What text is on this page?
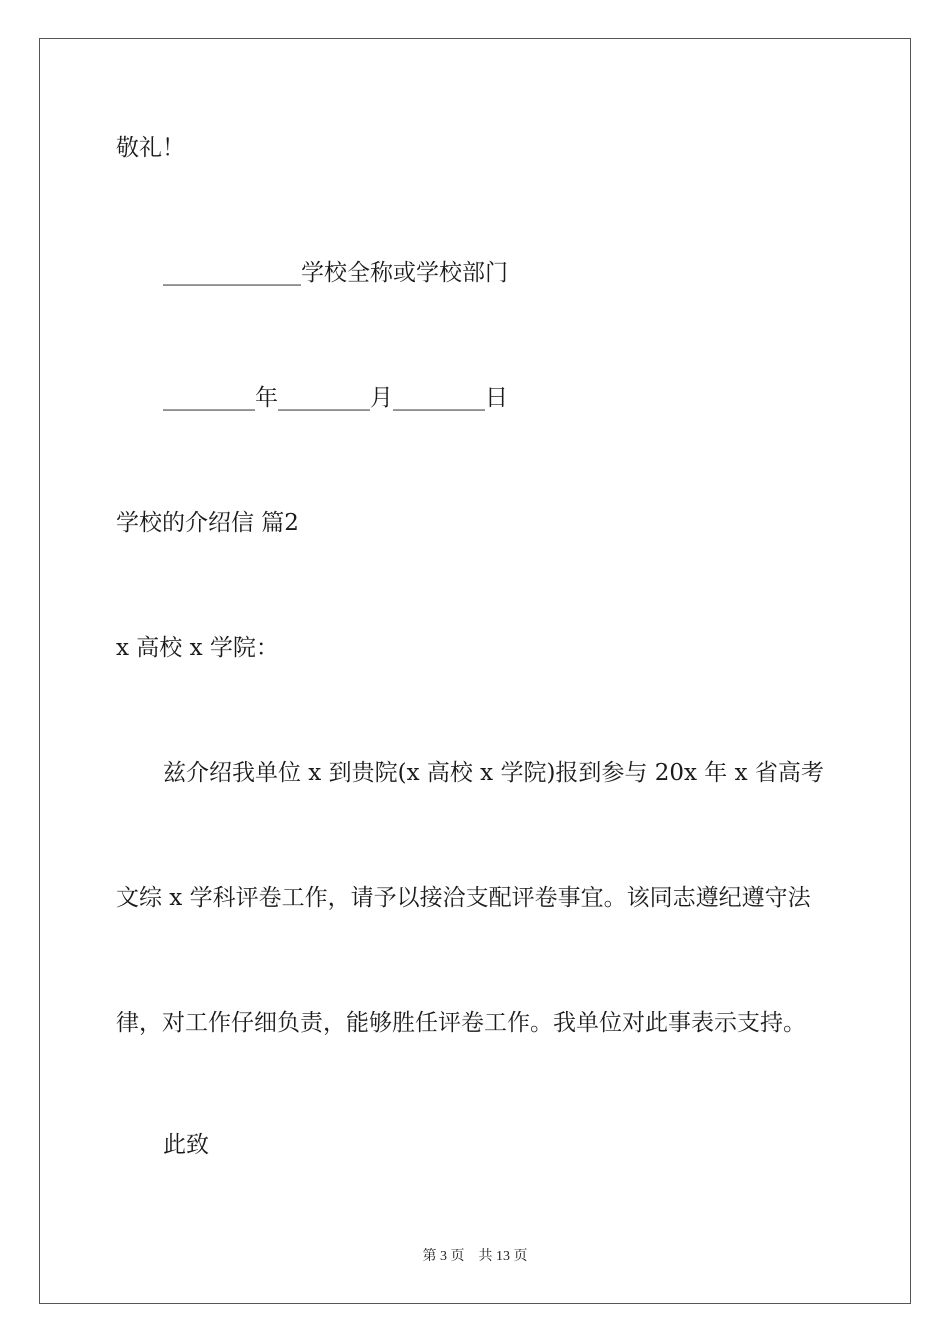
敬礼！
____________学校全称或学校部门
________年________月________日
学校的介绍信 篇2
x 高校 x 学院：
兹介绍我单位 x 到贵院(x 高校 x 学院)报到参与 20x 年 x 省高考
文综 x 学科评卷工作，请予以接洽支配评卷事宜。该同志遵纪遵守法
律，对工作仔细负责，能够胜任评卷工作。我单位对此事表示支持。
此致
第 3 页    共 13 页
